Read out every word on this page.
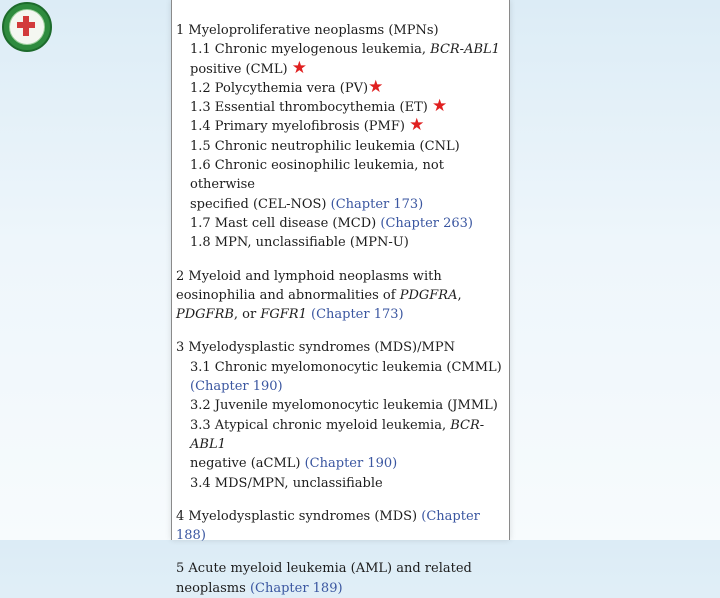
1 Myeloproliferative neoplasms (MPNs)
1.1 Chronic myelogenous leukemia, BCR-ABL1
positive (CML) ★
1.2 Polycythemia vera (PV)★
1.3 Essential thrombocythemia (ET) ★
1.4 Primary myelofibrosis (PMF) ★
1.5 Chronic neutrophilic leukemia (CNL)
1.6 Chronic eosinophilic leukemia, not otherwise
specified (CEL-NOS) (Chapter 173)
1.7 Mast cell disease (MCD) (Chapter 263)
1.8 MPN, unclassifiable (MPN-U)
2 Myeloid and lymphoid neoplasms with
eosinophilia and abnormalities of PDGFRA,
PDGFRB, or FGFR1 (Chapter 173)
3 Myelodysplastic syndromes (MDS)/MPN
3.1 Chronic myelomonocytic leukemia (CMML)
(Chapter 190)
3.2 Juvenile myelomonocytic leukemia (JMML)
3.3 Atypical chronic myeloid leukemia, BCR-ABL1
negative (aCML) (Chapter 190)
3.4 MDS/MPN, unclassifiable
4 Myelodysplastic syndromes (MDS) (Chapter 188)
5 Acute myeloid leukemia (AML) and related
neoplasms (Chapter 189)
